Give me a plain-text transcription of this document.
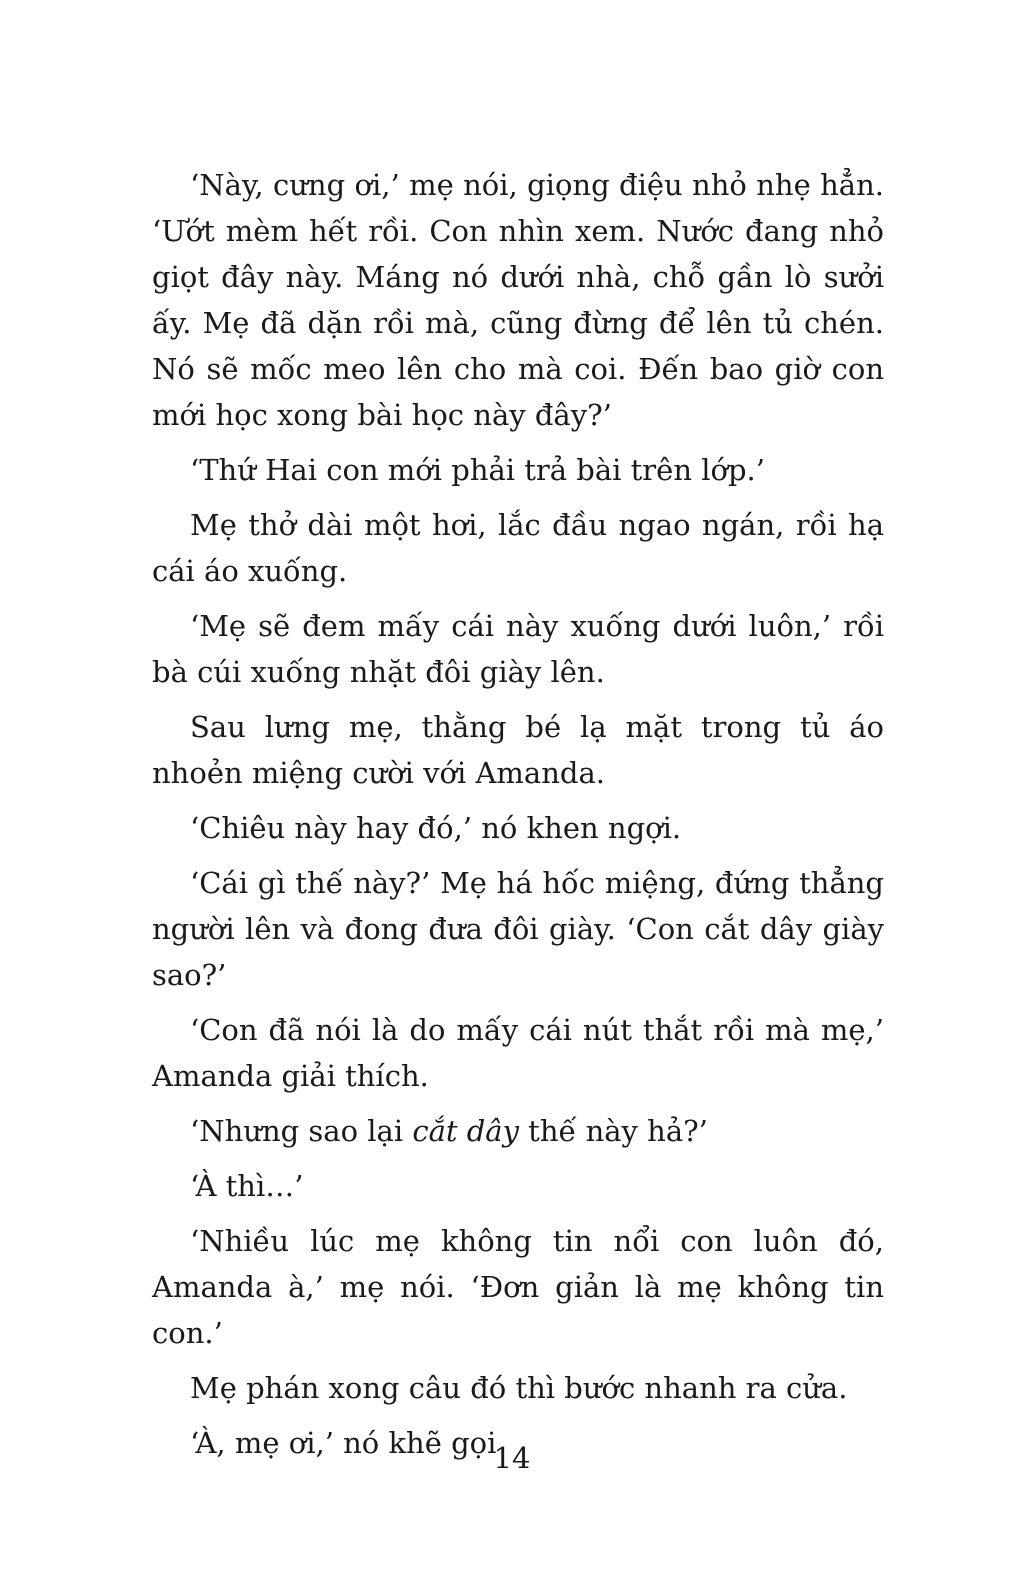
‘Này, cưng ơi,’ mẹ nói, giọng điệu nhỏ nhẹ hẳn. ‘Ướt mèm hết rồi. Con nhìn xem. Nước đang nhỏ giọt đây này. Máng nó dưới nhà, chỗ gần lò sưởi ấy. Mẹ đã dặn rồi mà, cũng đừng để lên tủ chén. Nó sẽ mốc meo lên cho mà coi. Đến bao giờ con mới học xong bài học này đây?’

‘Thứ Hai con mới phải trả bài trên lớp.’

Mẹ thở dài một hơi, lắc đầu ngao ngán, rồi hạ cái áo xuống.

‘Mẹ sẽ đem mấy cái này xuống dưới luôn,’ rồi bà cúi xuống nhặt đôi giày lên.

Sau lưng mẹ, thằng bé lạ mặt trong tủ áo nhoẻn miệng cười với Amanda.

‘Chiêu này hay đó,’ nó khen ngợi.

‘Cái gì thế này?’ Mẹ há hốc miệng, đứng thẳng người lên và đong đưa đôi giày. ‘Con cắt dây giày sao?’

‘Con đã nói là do mấy cái nút thắt rồi mà mẹ,’ Amanda giải thích.

‘Nhưng sao lại cắt dây thế này hả?’

‘À thì…’

‘Nhiều lúc mẹ không tin nổi con luôn đó, Amanda à,’ mẹ nói. ‘Đơn giản là mẹ không tin con.’

Mẹ phán xong câu đó thì bước nhanh ra cửa.

‘À, mẹ ơi,’ nó khẽ gọi

14
